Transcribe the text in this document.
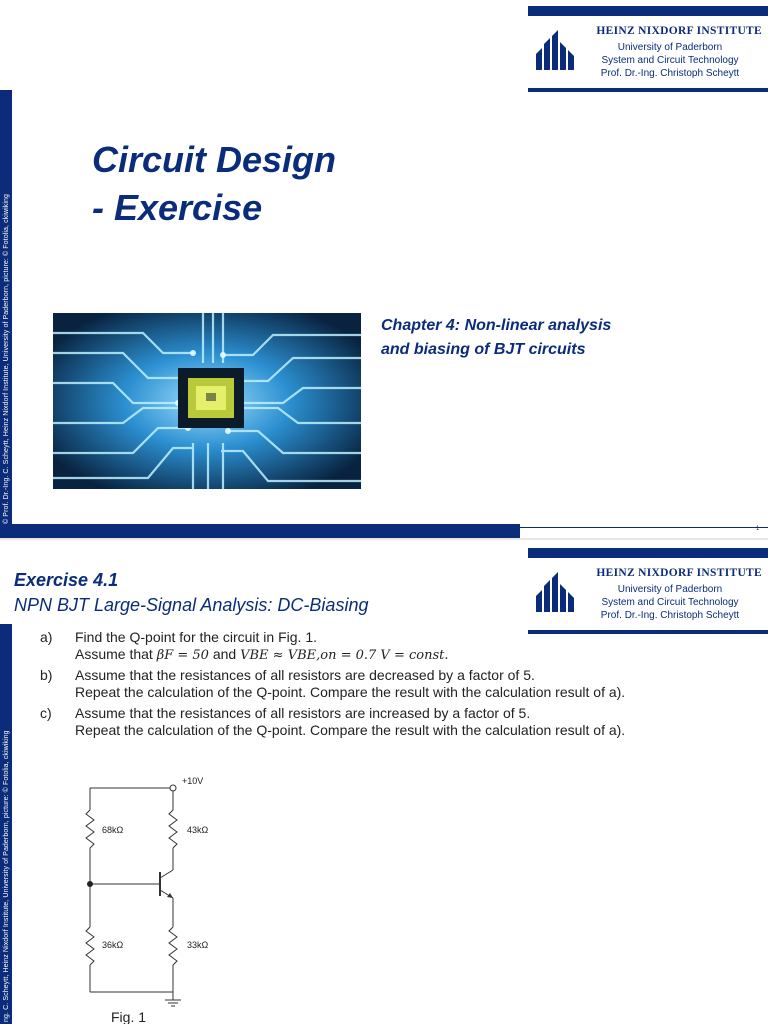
© Prof. Dr.-Ing. C. Scheytt, Heinz Nixdorf Institute, University of Paderborn, picture: © Fotolia, ckiwiking
HEINZ NIXDORF INSTITUTE
University of Paderborn
System and Circuit Technology
Prof. Dr.-Ing. Christoph Scheytt
Circuit Design
- Exercise
Chapter 4: Non-linear analysis
and biasing of BJT circuits
1
ng. C. Scheytt, Heinz Nixdorf Institute, University of Paderborn, picture: © Fotolia, ckiwiking
HEINZ NIXDORF INSTITUTE
University of Paderborn
System and Circuit Technology
Prof. Dr.-Ing. Christoph Scheytt
Exercise 4.1
NPN BJT Large-Signal Analysis: DC-Biasing
a) Find the Q-point for the circuit in Fig. 1.
Assume that βF = 50 and VBE ≈ VBE,on = 0.7 V = const.
b) Assume that the resistances of all resistors are decreased by a factor of 5.
Repeat the calculation of the Q-point. Compare the result with the calculation result of a).
c) Assume that the resistances of all resistors are increased by a factor of 5.
Repeat the calculation of the Q-point. Compare the result with the calculation result of a).
+10V
68kΩ	43kΩ
36kΩ	33kΩ
Fig. 1
